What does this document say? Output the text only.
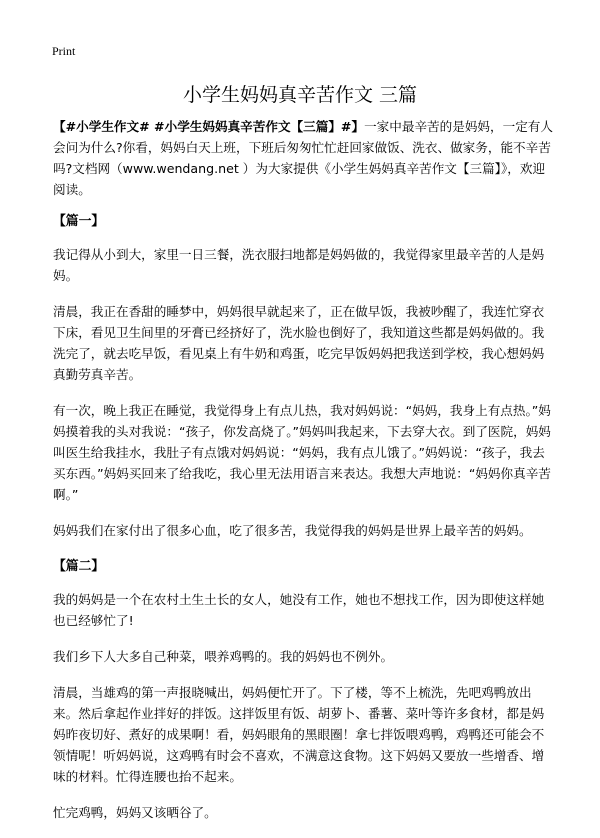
Print
小学生妈妈真辛苦作文 三篇

【#小学生作文# #小学生妈妈真辛苦作文【三篇】#】一家中最辛苦的是妈妈，一定有人会问为什么?你看，妈妈白天上班，下班后匆匆忙忙赶回家做饭、洗衣、做家务，能不辛苦吗?文档网（www.wendang.net ）为大家提供《小学生妈妈真辛苦作文【三篇】》，欢迎阅读。

【篇一】

我记得从小到大，家里一日三餐，洗衣服扫地都是妈妈做的，我觉得家里最辛苦的人是妈妈。

清晨，我正在香甜的睡梦中，妈妈很早就起来了，正在做早饭，我被吵醒了，我连忙穿衣下床，看见卫生间里的牙膏已经挤好了，洗水脸也倒好了，我知道这些都是妈妈做的。我洗完了，就去吃早饭，看见桌上有牛奶和鸡蛋，吃完早饭妈妈把我送到学校，我心想妈妈真勤劳真辛苦。

有一次，晚上我正在睡觉，我觉得身上有点儿热，我对妈妈说：“妈妈，我身上有点热。”妈妈摸着我的头对我说：“孩子，你发高烧了。”妈妈叫我起来，下去穿大衣。到了医院，妈妈叫医生给我挂水，我肚子有点饿对妈妈说：“妈妈，我有点儿饿了。”妈妈说：“孩子，我去买东西。”妈妈买回来了给我吃，我心里无法用语言来表达。我想大声地说：“妈妈你真辛苦啊。”

妈妈我们在家付出了很多心血，吃了很多苦，我觉得我的妈妈是世界上最辛苦的妈妈。

【篇二】

我的妈妈是一个在农村土生土长的女人，她没有工作，她也不想找工作，因为即使这样她也已经够忙了!

我们乡下人大多自己种菜，喂养鸡鸭的。我的妈妈也不例外。

清晨，当雄鸡的第一声报晓喊出，妈妈便忙开了。下了楼，等不上梳洗，先吧鸡鸭放出来。然后拿起作业拌好的拌饭。这拌饭里有饭、胡萝卜、番薯、菜叶等许多食材，都是妈妈昨夜切好、煮好的成果啊！看，妈妈眼角的黑眼圈！拿七拌饭喂鸡鸭，鸡鸭还可能会不领情呢！听妈妈说，这鸡鸭有时会不喜欢，不满意这食物。这下妈妈又要放一些增香、增味的材料。忙得连腰也抬不起来。

忙完鸡鸭，妈妈又该晒谷了。
